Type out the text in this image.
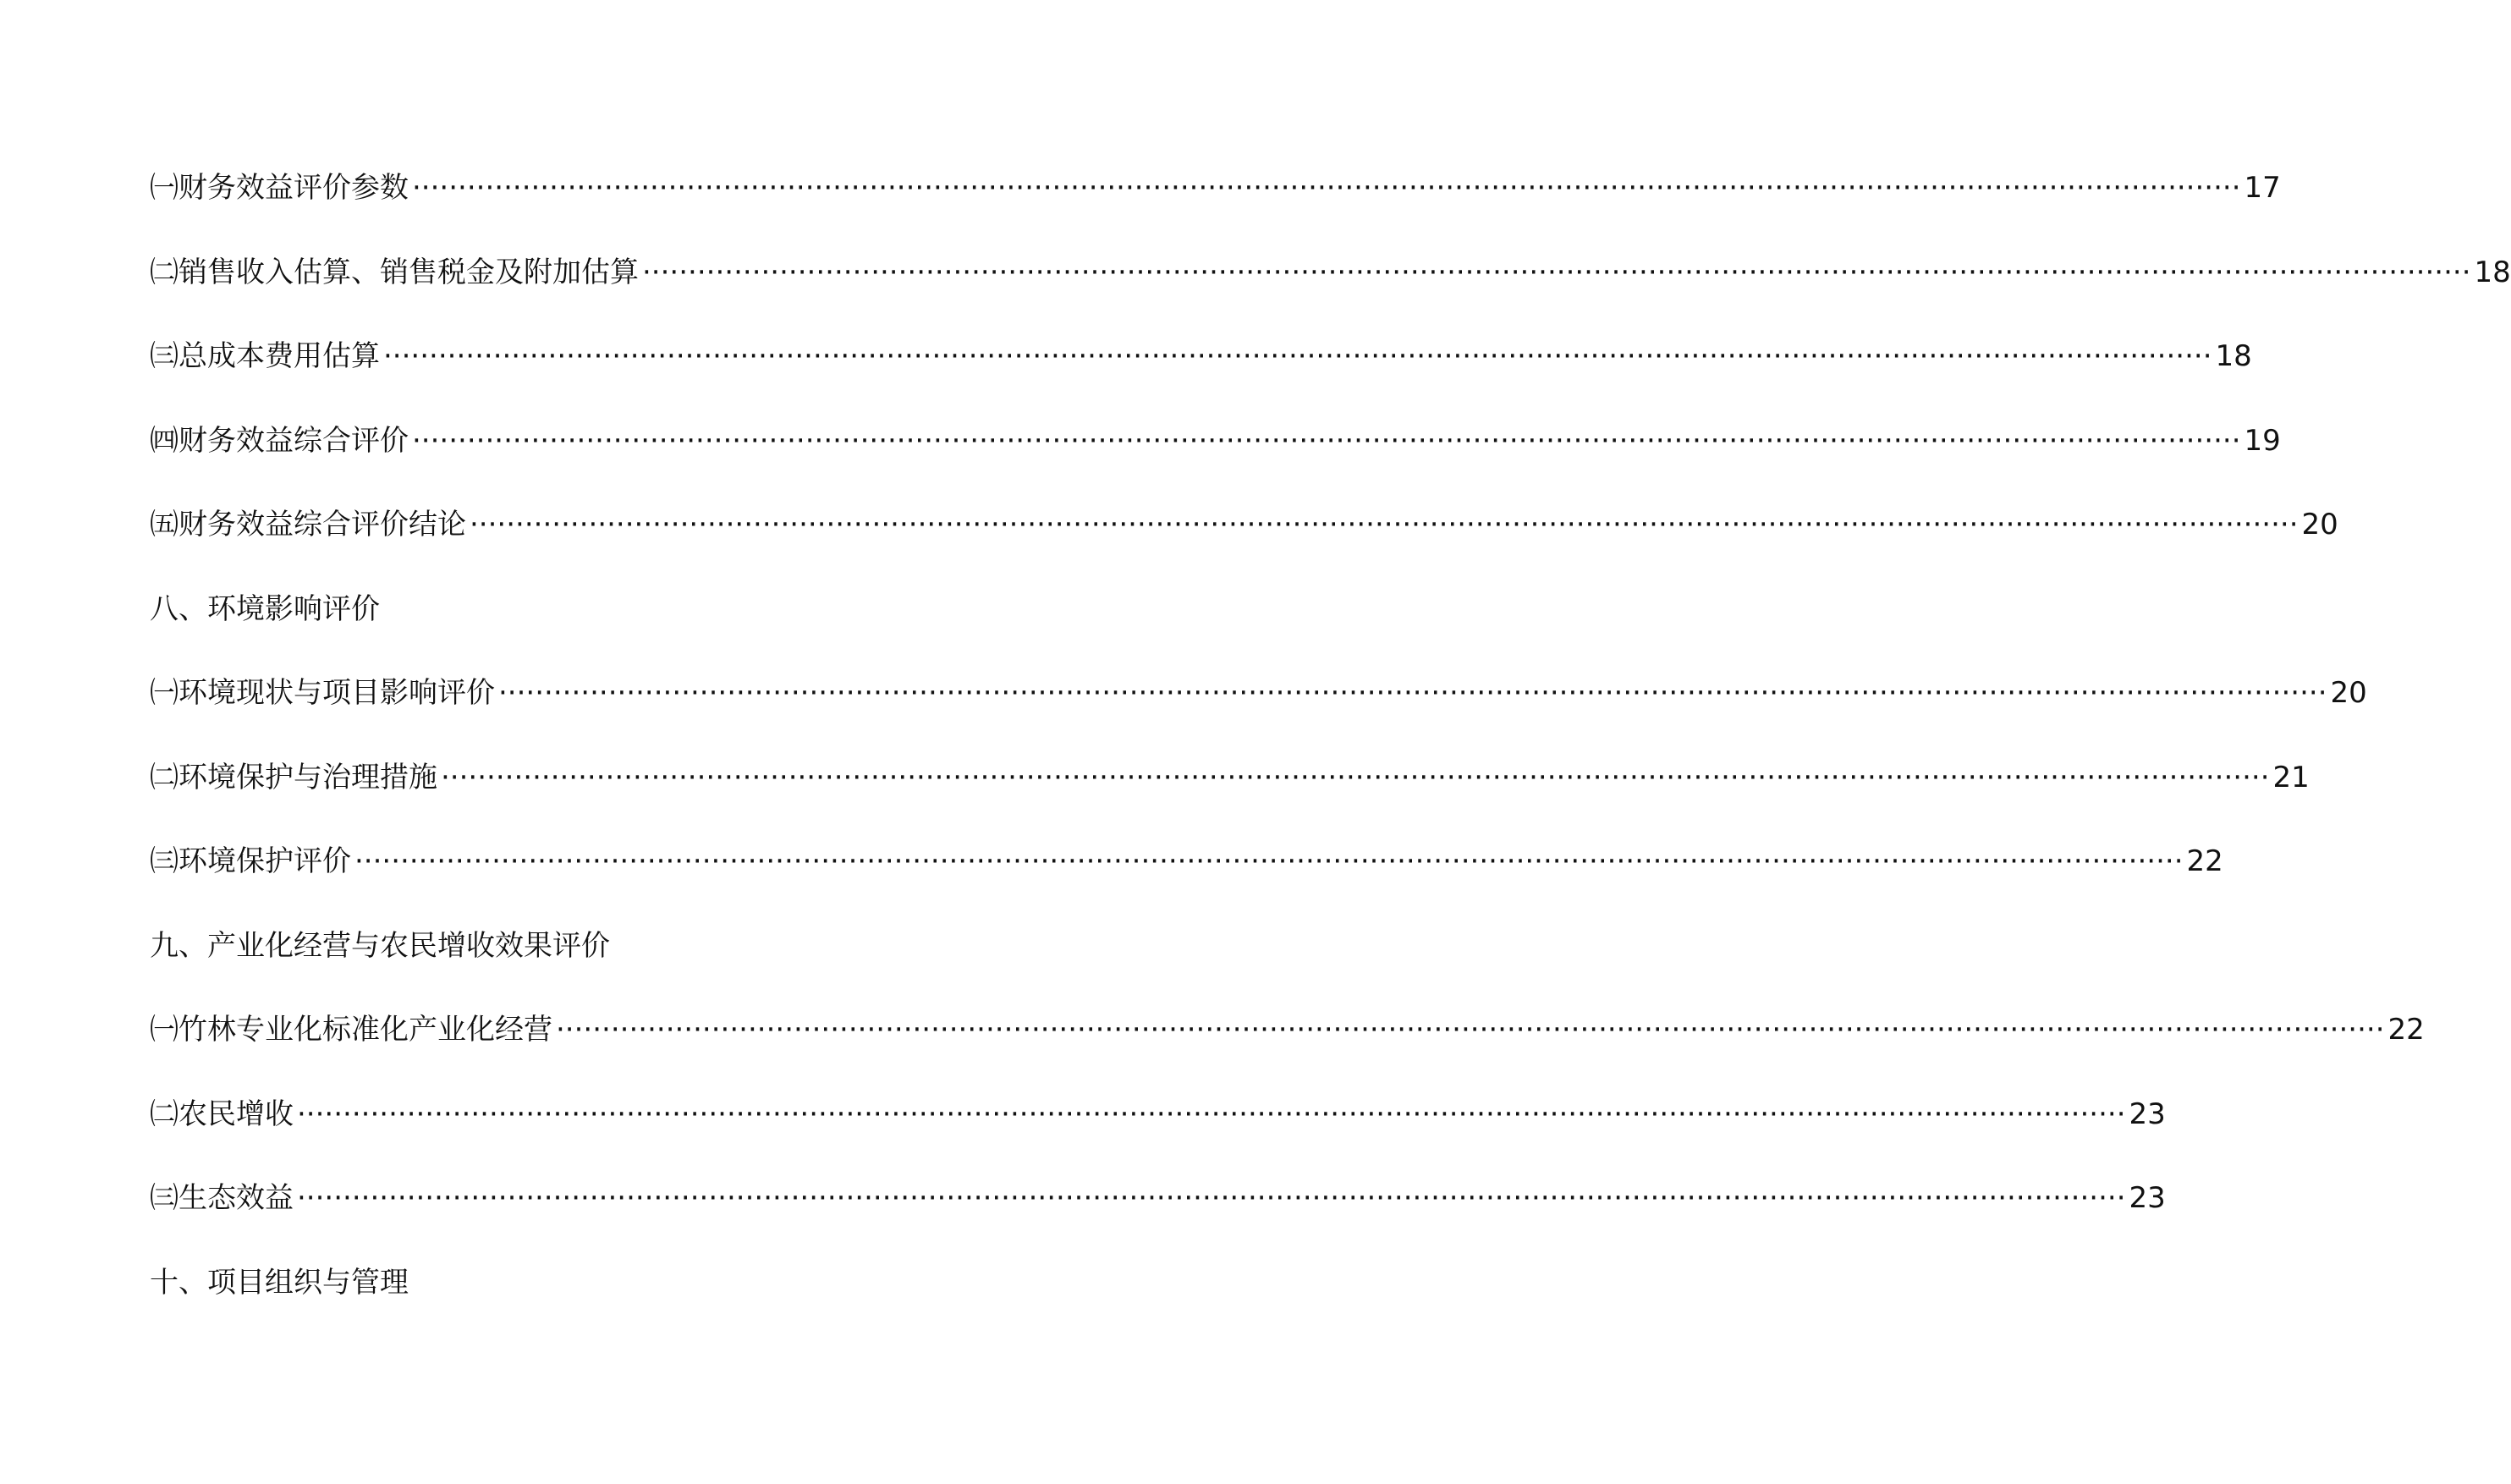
㈠财务效益评价参数 ········································································································································································································ 17
㈡销售收入估算、销售税金及附加估算 ········································································································································································································ 18
㈢总成本费用估算 ········································································································································································································ 18
㈣财务效益综合评价 ········································································································································································································ 19
㈤财务效益综合评价结论 ········································································································································································································ 20
八、环境影响评价
㈠环境现状与项目影响评价 ········································································································································································································ 20
㈡环境保护与治理措施 ········································································································································································································ 21
㈢环境保护评价 ········································································································································································································ 22
九、产业化经营与农民增收效果评价
㈠竹林专业化标准化产业化经营 ········································································································································································································ 22
㈡农民增收 ········································································································································································································ 23
㈢生态效益 ········································································································································································································ 23
十、项目组织与管理
